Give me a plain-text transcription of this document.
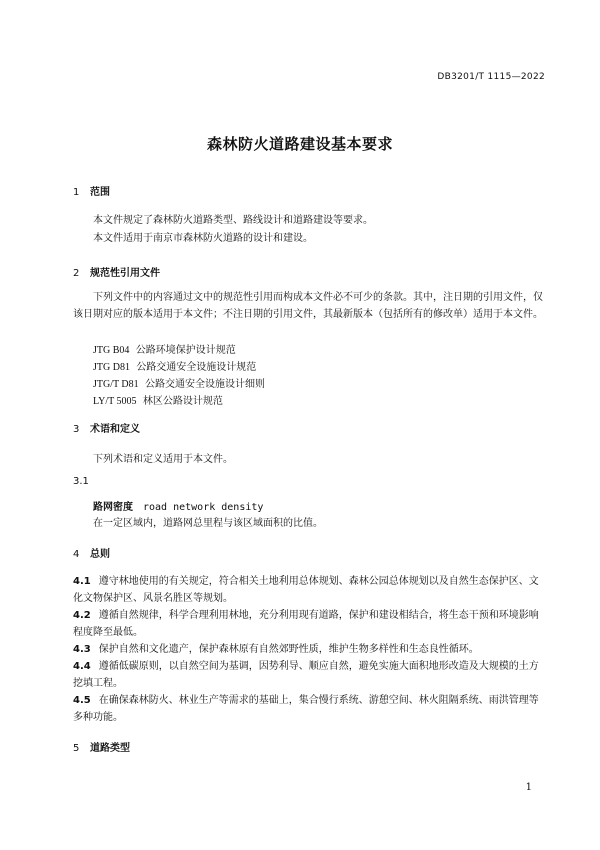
DB3201/T 1115—2022
森林防火道路建设基本要求
1 范围
本文件规定了森林防火道路类型、路线设计和道路建设等要求。
本文件适用于南京市森林防火道路的设计和建设。
2 规范性引用文件
下列文件中的内容通过文中的规范性引用而构成本文件必不可少的条款。其中，注日期的引用文件，仅该日期对应的版本适用于本文件；不注日期的引用文件，其最新版本（包括所有的修改单）适用于本文件。
JTG B04 公路环境保护设计规范
JTG D81 公路交通安全设施设计规范
JTG/T D81 公路交通安全设施设计细则
LY/T 5005 林区公路设计规范
3 术语和定义
下列术语和定义适用于本文件。
3.1
路网密度 road network density
在一定区域内，道路网总里程与该区域面积的比值。
4 总则
4.1 遵守林地使用的有关规定，符合相关土地利用总体规划、森林公园总体规划以及自然生态保护区、文化文物保护区、风景名胜区等规划。
4.2 遵循自然规律，科学合理利用林地，充分利用现有道路，保护和建设相结合，将生态干预和环境影响程度降至最低。
4.3 保护自然和文化遗产，保护森林原有自然郊野性质，维护生物多样性和生态良性循环。
4.4 遵循低碳原则，以自然空间为基调，因势利导、顺应自然，避免实施大面积地形改造及大规模的土方挖填工程。
4.5 在确保森林防火、林业生产等需求的基础上，集合慢行系统、游憩空间、林火阻隔系统、雨洪管理等多种功能。
5 道路类型
1
